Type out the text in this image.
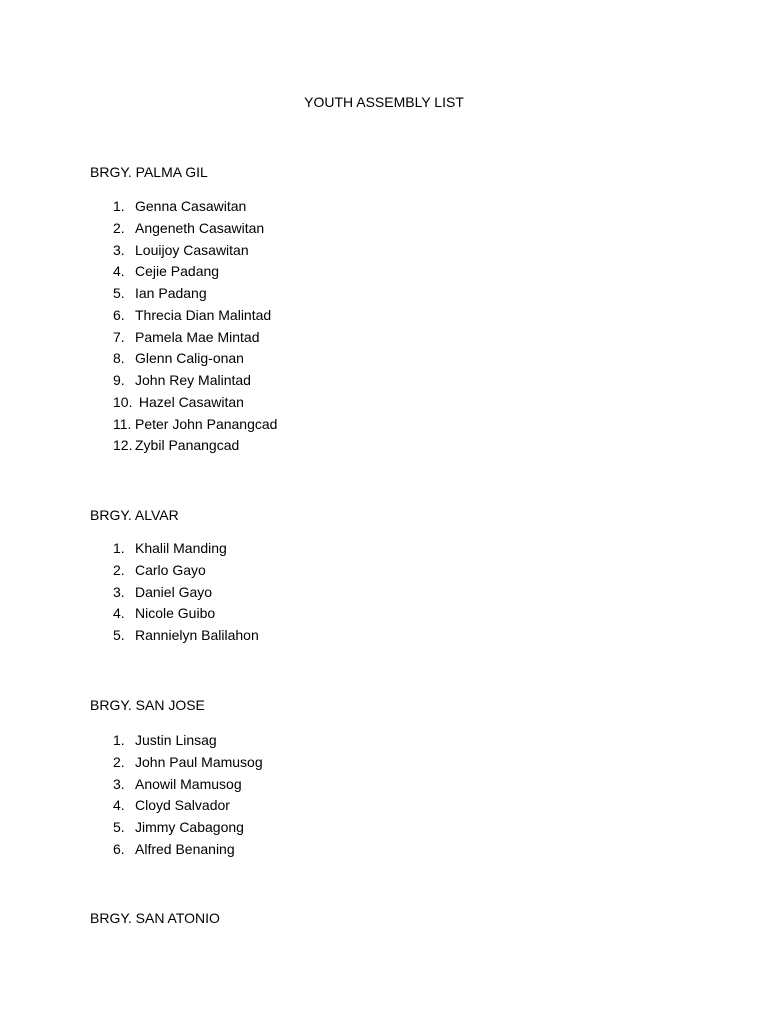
YOUTH ASSEMBLY LIST
BRGY. PALMA GIL
1. Genna Casawitan
2. Angeneth Casawitan
3. Louijoy Casawitan
4. Cejie Padang
5. Ian Padang
6. Threcia Dian Malintad
7. Pamela Mae Mintad
8. Glenn Calig-onan
9. John Rey Malintad
10. Hazel Casawitan
11. Peter John Panangcad
12. Zybil Panangcad
BRGY. ALVAR
1. Khalil Manding
2. Carlo Gayo
3. Daniel Gayo
4. Nicole Guibo
5. Rannielyn Balilahon
BRGY. SAN JOSE
1. Justin Linsag
2. John Paul Mamusog
3. Anowil Mamusog
4. Cloyd Salvador
5. Jimmy Cabagong
6. Alfred Benaning
BRGY. SAN ATONIO
